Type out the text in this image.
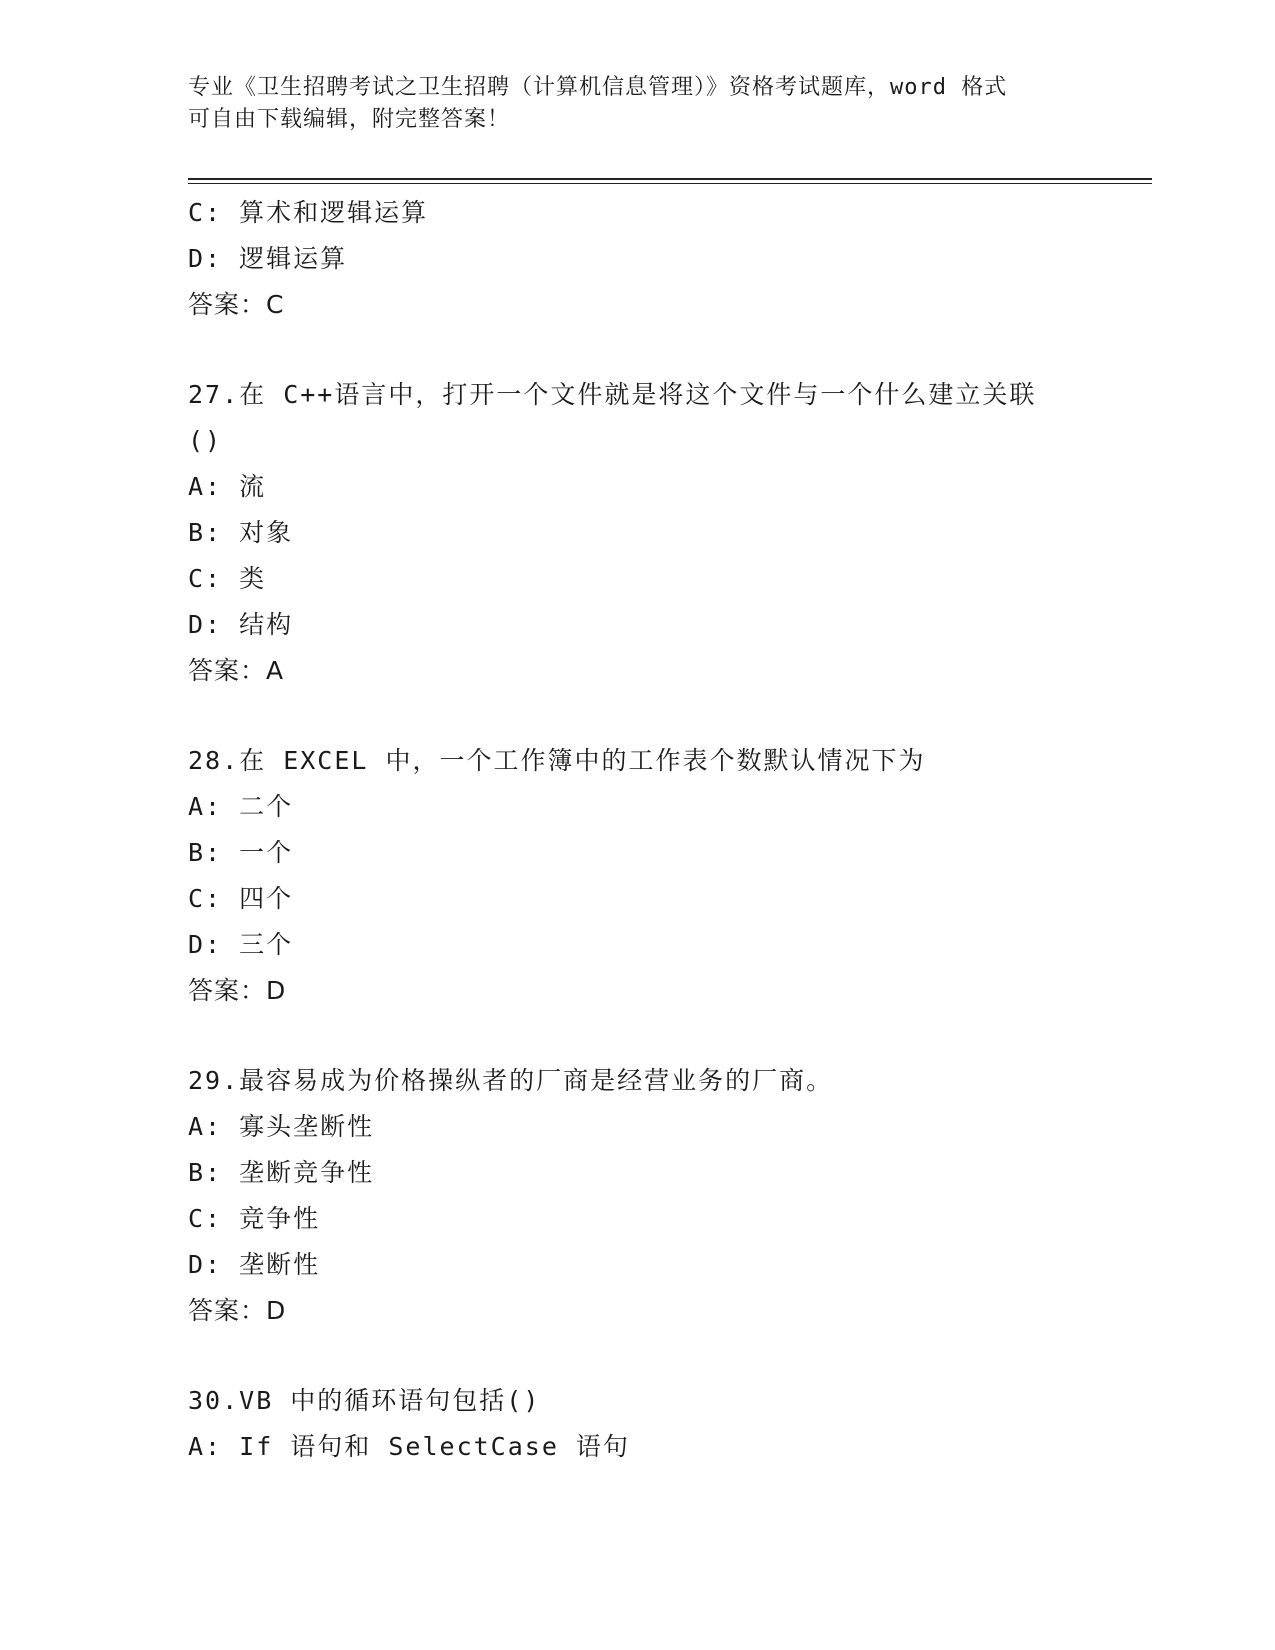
专业《卫生招聘考试之卫生招聘（计算机信息管理）》资格考试题库，word 格式
可自由下载编辑，附完整答案！
C: 算术和逻辑运算
D: 逻辑运算
答案：C
27.在 C++语言中，打开一个文件就是将这个文件与一个什么建立关联
()
A: 流
B: 对象
C: 类
D: 结构
答案：A
28.在 EXCEL 中，一个工作簿中的工作表个数默认情况下为
A: 二个
B: 一个
C: 四个
D: 三个
答案：D
29.最容易成为价格操纵者的厂商是经营业务的厂商。
A: 寡头垄断性
B: 垄断竞争性
C: 竞争性
D: 垄断性
答案：D
30.VB 中的循环语句包括()
A: If 语句和 SelectCase 语句
